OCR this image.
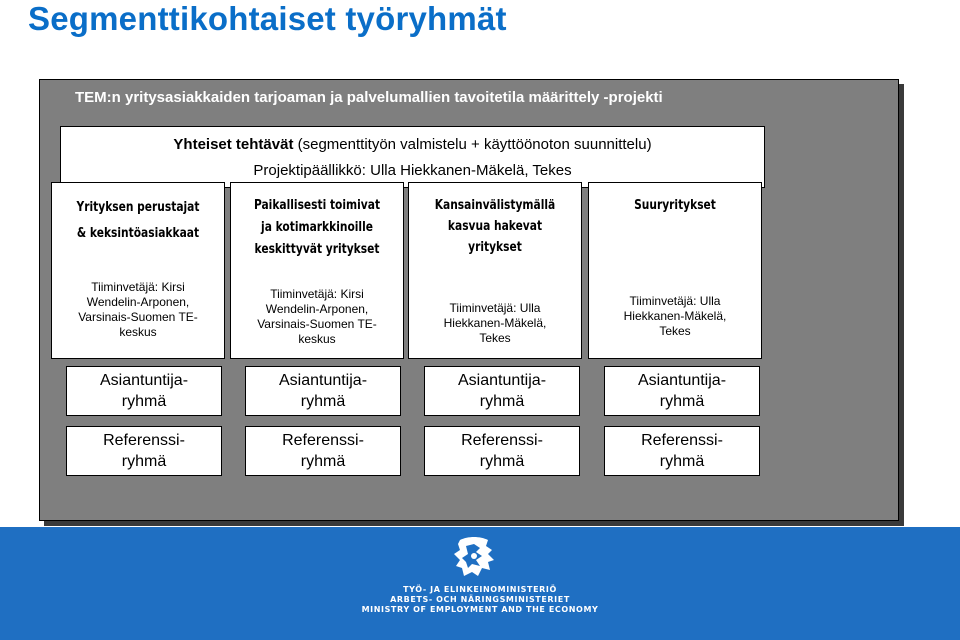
Segmenttikohtaiset työryhmät
TEM:n yritysasiakkaiden tarjoaman ja palvelumallien tavoitetila määrittely -projekti
Yhteiset tehtävät (segmenttityön valmistelu + käyttöönoton suunnittelu)
Projektipäällikkö: Ulla Hiekkanen-Mäkelä, Tekes
Yrityksen perustajat
& keksintöasiakkaat
Tiiminvetäjä: Kirsi
Wendelin-Arponen,
Varsinais-Suomen TE-
keskus
Paikallisesti toimivat
ja kotimarkkinoille
keskittyvät yritykset
Tiiminvetäjä: Kirsi
Wendelin-Arponen,
Varsinais-Suomen TE-
keskus
Kansainvälistymällä
kasvua hakevat
yritykset
Tiiminvetäjä: Ulla
Hiekkanen-Mäkelä,
Tekes
Suuryritykset
Tiiminvetäjä: Ulla
Hiekkanen-Mäkelä,
Tekes
Asiantuntija-
ryhmä
Asiantuntija-
ryhmä
Asiantuntija-
ryhmä
Asiantuntija-
ryhmä
Referenssi-
ryhmä
Referenssi-
ryhmä
Referenssi-
ryhmä
Referenssi-
ryhmä
TYÖ- JA ELINKEINOMINISTERIÖ
ARBETS- OCH NÄRINGSMINISTERIET
MINISTRY OF EMPLOYMENT AND THE ECONOMY
